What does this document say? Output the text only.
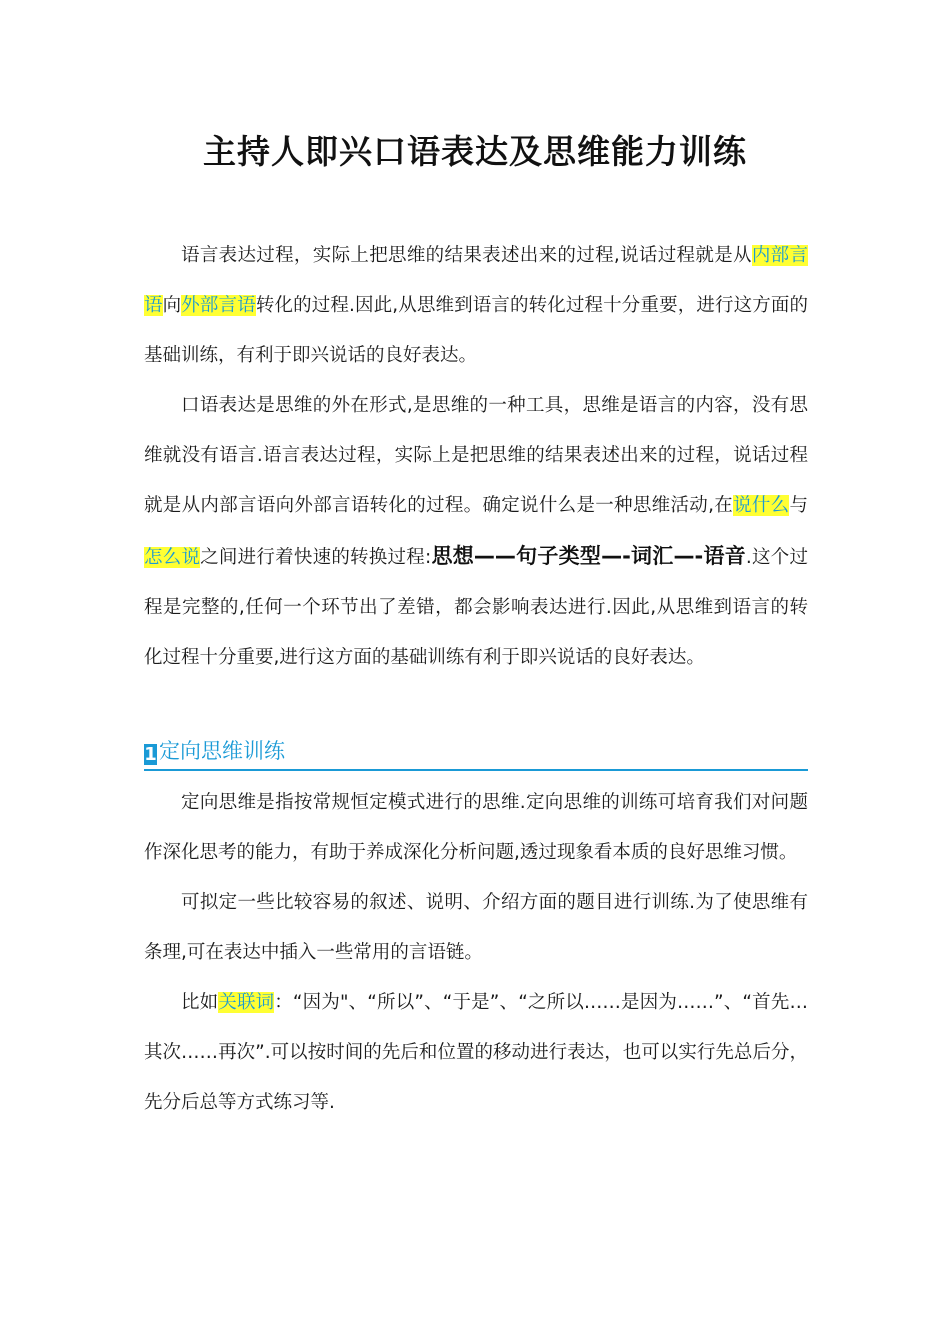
主持人即兴口语表达及思维能力训练

语言表达过程，实际上把思维的结果表述出来的过程,说话过程就是从内部言语向外部言语转化的过程.因此,从思维到语言的转化过程十分重要，进行这方面的基础训练，有利于即兴说话的良好表达。

口语表达是思维的外在形式,是思维的一种工具，思维是语言的内容，没有思维就没有语言.语言表达过程，实际上是把思维的结果表述出来的过程，说话过程就是从内部言语向外部言语转化的过程。确定说什么是一种思维活动,在说什么与怎么说之间进行着快速的转换过程:思想——句子类型—-词汇—-语音.这个过程是完整的,任何一个环节出了差错，都会影响表达进行.因此,从思维到语言的转化过程十分重要,进行这方面的基础训练有利于即兴说话的良好表达。

1 定向思维训练

定向思维是指按常规恒定模式进行的思维.定向思维的训练可培育我们对问题作深化思考的能力，有助于养成深化分析问题,透过现象看本质的良好思维习惯。

可拟定一些比较容易的叙述、说明、介绍方面的题目进行训练.为了使思维有条理,可在表达中插入一些常用的言语链。

比如关联词：“因为"、“所以”、“于是”、“之所以……是因为……”、“首先…其次……再次”.可以按时间的先后和位置的移动进行表达，也可以实行先总后分，先分后总等方式练习等.
